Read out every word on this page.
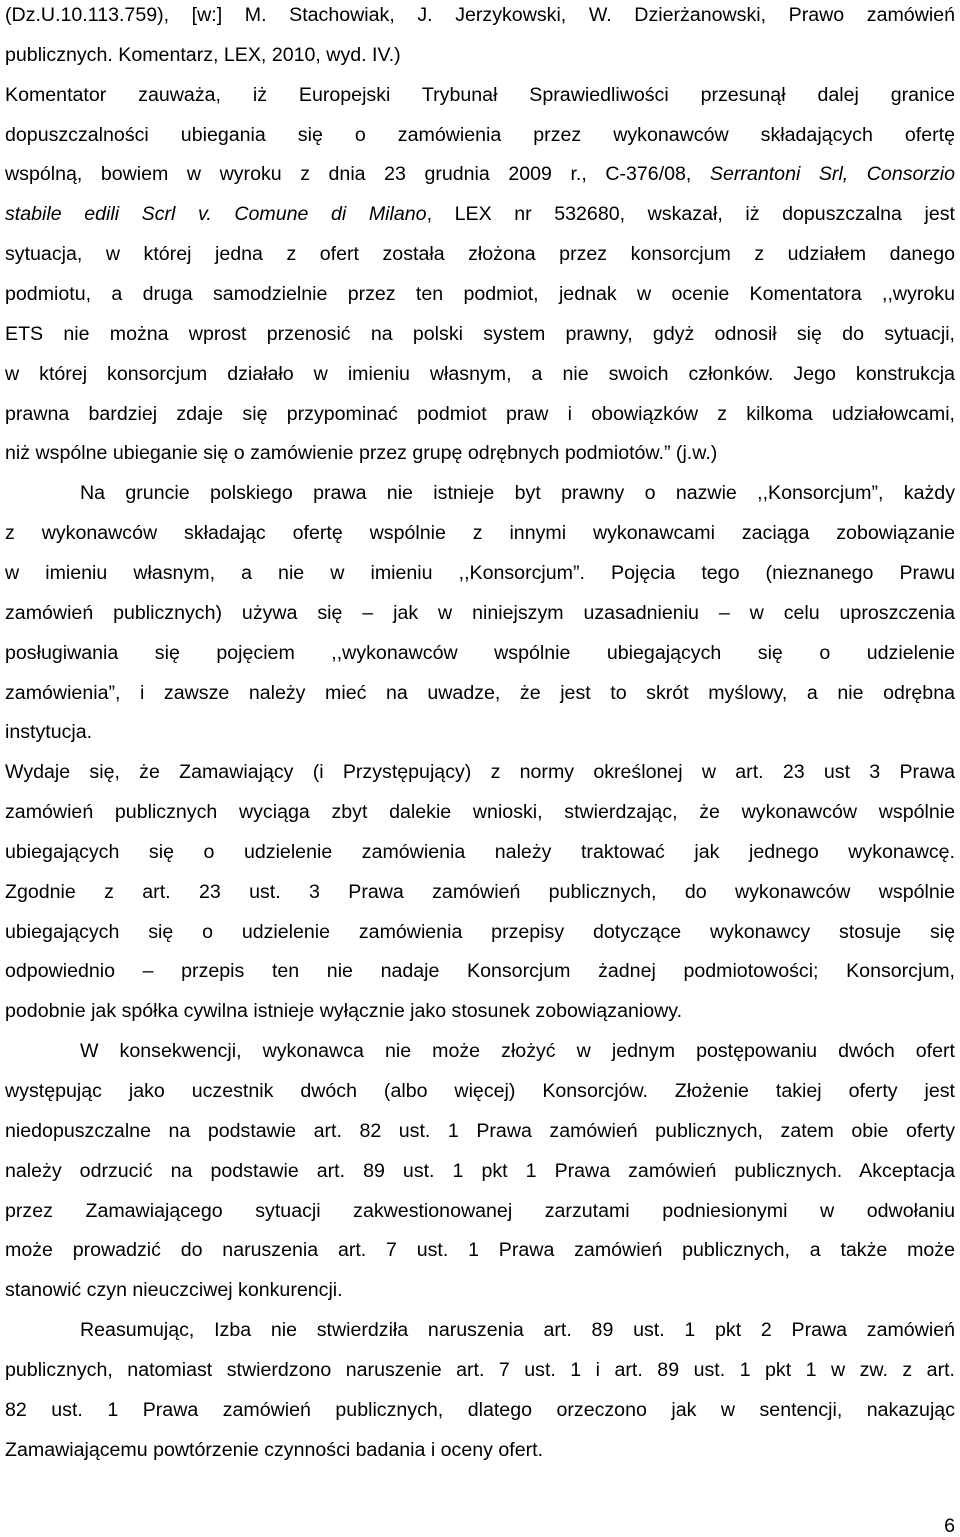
(Dz.U.10.113.759), [w:] M. Stachowiak, J. Jerzykowski, W. Dzierżanowski, Prawo zamówień
publicznych. Komentarz, LEX, 2010, wyd. IV.)
Komentator zauważa, iż Europejski Trybunał Sprawiedliwości przesunął dalej granice
dopuszczalności ubiegania się o zamówienia przez wykonawców składających ofertę
wspólną, bowiem w wyroku z dnia 23 grudnia 2009 r., C-376/08, Serrantoni Srl, Consorzio
stabile edili Scrl v. Comune di Milano, LEX nr 532680, wskazał, iż dopuszczalna jest
sytuacja, w której jedna z ofert została złożona przez konsorcjum z udziałem danego
podmiotu, a druga samodzielnie przez ten podmiot, jednak w ocenie Komentatora ,,wyroku
ETS nie można wprost przenosić na polski system prawny, gdyż odnosił się do sytuacji,
w której konsorcjum działało w imieniu własnym, a nie swoich członków. Jego konstrukcja
prawna bardziej zdaje się przypominać podmiot praw i obowiązków z kilkoma udziałowcami,
niż wspólne ubieganie się o zamówienie przez grupę odrębnych podmiotów.” (j.w.)
Na gruncie polskiego prawa nie istnieje byt prawny o nazwie ,,Konsorcjum”, każdy
z wykonawców składając ofertę wspólnie z innymi wykonawcami zaciąga zobowiązanie
w imieniu własnym, a nie w imieniu ,,Konsorcjum”. Pojęcia tego (nieznanego Prawu
zamówień publicznych) używa się – jak w niniejszym uzasadnieniu – w celu uproszczenia
posługiwania się pojęciem ,,wykonawców wspólnie ubiegających się o udzielenie
zamówienia”, i zawsze należy mieć na uwadze, że jest to skrót myślowy, a nie odrębna
instytucja.
Wydaje się, że Zamawiający (i Przystępujący) z normy określonej w art. 23 ust 3 Prawa
zamówień publicznych wyciąga zbyt dalekie wnioski, stwierdzając, że wykonawców wspólnie
ubiegających się o udzielenie zamówienia należy traktować jak jednego wykonawcę.
Zgodnie z art. 23 ust. 3 Prawa zamówień publicznych, do wykonawców wspólnie
ubiegających się o udzielenie zamówienia przepisy dotyczące wykonawcy stosuje się
odpowiednio – przepis ten nie nadaje Konsorcjum żadnej podmiotowości; Konsorcjum,
podobnie jak spółka cywilna istnieje wyłącznie jako stosunek zobowiązaniowy.
W konsekwencji, wykonawca nie może złożyć w jednym postępowaniu dwóch ofert
występując jako uczestnik dwóch (albo więcej) Konsorcjów. Złożenie takiej oferty jest
niedopuszczalne na podstawie art. 82 ust. 1 Prawa zamówień publicznych, zatem obie oferty
należy odrzucić na podstawie art. 89 ust. 1 pkt 1 Prawa zamówień publicznych. Akceptacja
przez Zamawiającego sytuacji zakwestionowanej zarzutami podniesionymi w odwołaniu
może prowadzić do naruszenia art. 7 ust. 1 Prawa zamówień publicznych, a także może
stanowić czyn nieuczciwej konkurencji.
Reasumując, Izba nie stwierdziła naruszenia art. 89 ust. 1 pkt 2 Prawa zamówień
publicznych, natomiast stwierdzono naruszenie art. 7 ust. 1 i art. 89 ust. 1 pkt 1 w zw. z art.
82 ust. 1 Prawa zamówień publicznych, dlatego orzeczono jak w sentencji, nakazując
Zamawiającemu powtórzenie czynności badania i oceny ofert.
6
